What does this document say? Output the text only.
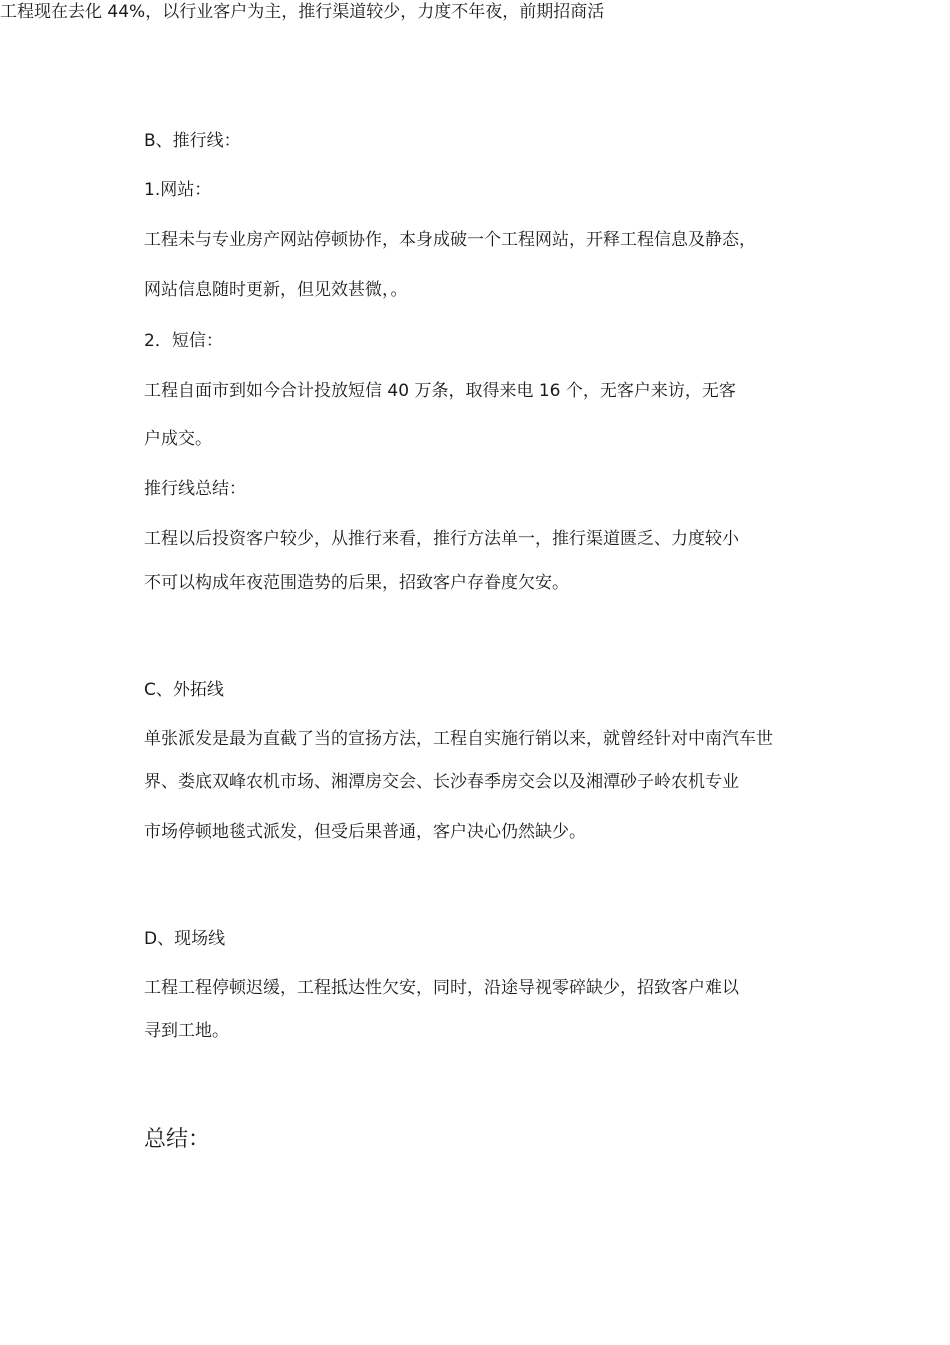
工程现在去化 44%，以行业客户为主，推行渠道较少，力度不年夜，前期招商活

B、推行线：

1.网站：

工程未与专业房产网站停顿协作，本身成破一个工程网站，开释工程信息及静态，

网站信息随时更新，但见效甚微，。

2．短信：

工程自面市到如今合计投放短信 40 万条，取得来电 16 个，无客户来访，无客

户成交。

推行线总结：

工程以后投资客户较少，从推行来看，推行方法单一，推行渠道匮乏、力度较小

不可以构成年夜范围造势的后果，招致客户存眷度欠安。

C、外拓线

单张派发是最为直截了当的宣扬方法，工程自实施行销以来，就曾经针对中南汽车世

界、娄底双峰农机市场、湘潭房交会、长沙春季房交会以及湘潭砂子岭农机专业

市场停顿地毯式派发，但受后果普通，客户决心仍然缺少。

D、现场线

工程工程停顿迟缓，工程抵达性欠安，同时，沿途导视零碎缺少，招致客户难以

寻到工地。

总结：
